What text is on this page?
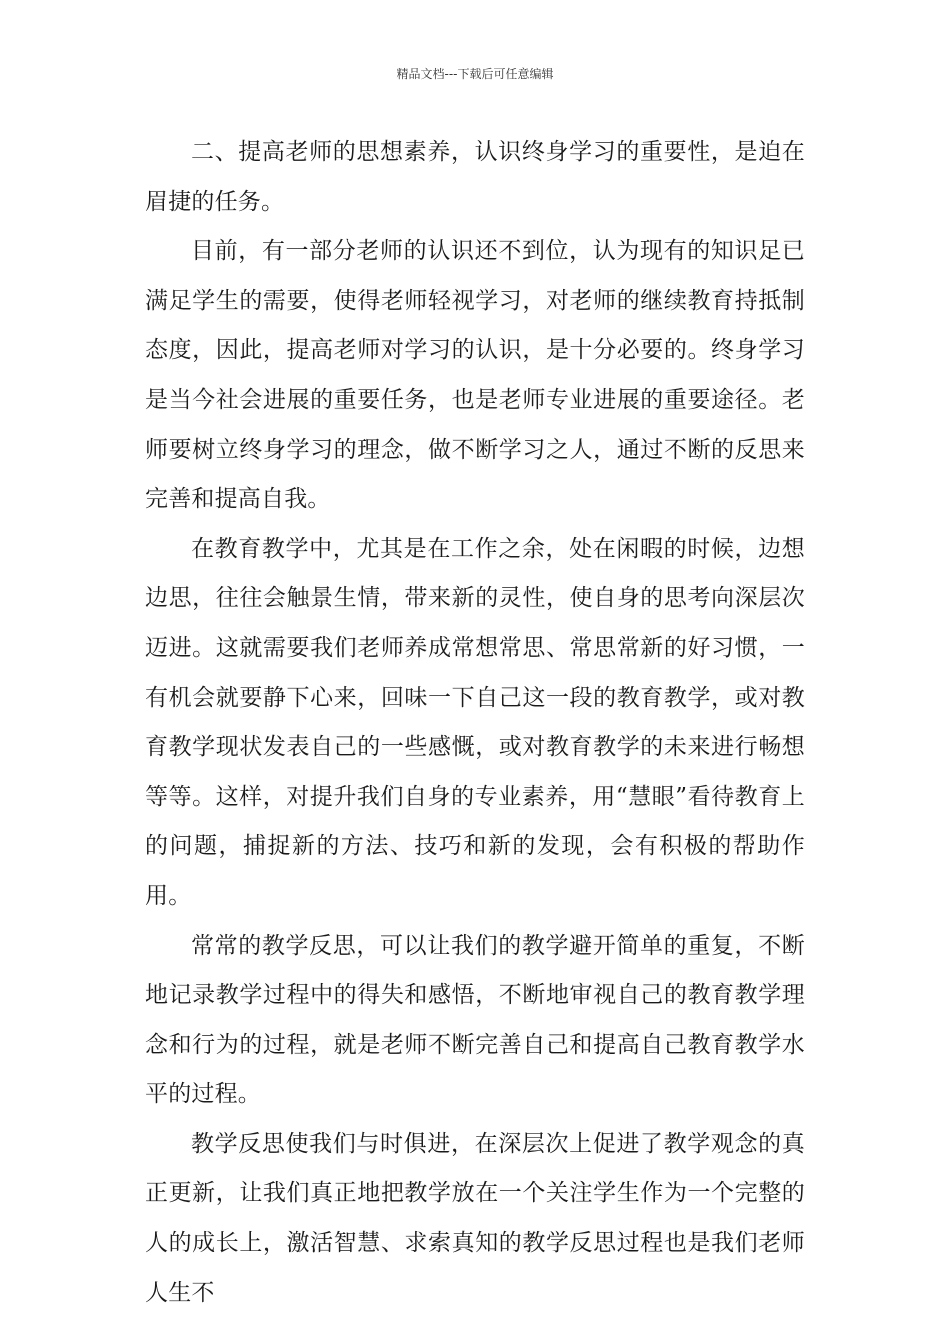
精品文档---下载后可任意编辑

二、提高老师的思想素养，认识终身学习的重要性，是迫在眉捷的任务。

目前，有一部分老师的认识还不到位，认为现有的知识足已满足学生的需要，使得老师轻视学习，对老师的继续教育持抵制态度，因此，提高老师对学习的认识，是十分必要的。终身学习是当今社会进展的重要任务，也是老师专业进展的重要途径。老师要树立终身学习的理念，做不断学习之人，通过不断的反思来完善和提高自我。

在教育教学中，尤其是在工作之余，处在闲暇的时候，边想边思，往往会触景生情，带来新的灵性，使自身的思考向深层次迈进。这就需要我们老师养成常想常思、常思常新的好习惯，一有机会就要静下心来，回味一下自己这一段的教育教学，或对教育教学现状发表自己的一些感慨，或对教育教学的未来进行畅想等等。这样，对提升我们自身的专业素养，用“慧眼”看待教育上的问题，捕捉新的方法、技巧和新的发现，会有积极的帮助作用。

常常的教学反思，可以让我们的教学避开简单的重复，不断地记录教学过程中的得失和感悟，不断地审视自己的教育教学理念和行为的过程，就是老师不断完善自己和提高自己教育教学水平的过程。

教学反思使我们与时俱进，在深层次上促进了教学观念的真正更新，让我们真正地把教学放在一个关注学生作为一个完整的人的成长上，激活智慧、求索真知的教学反思过程也是我们老师人生不
